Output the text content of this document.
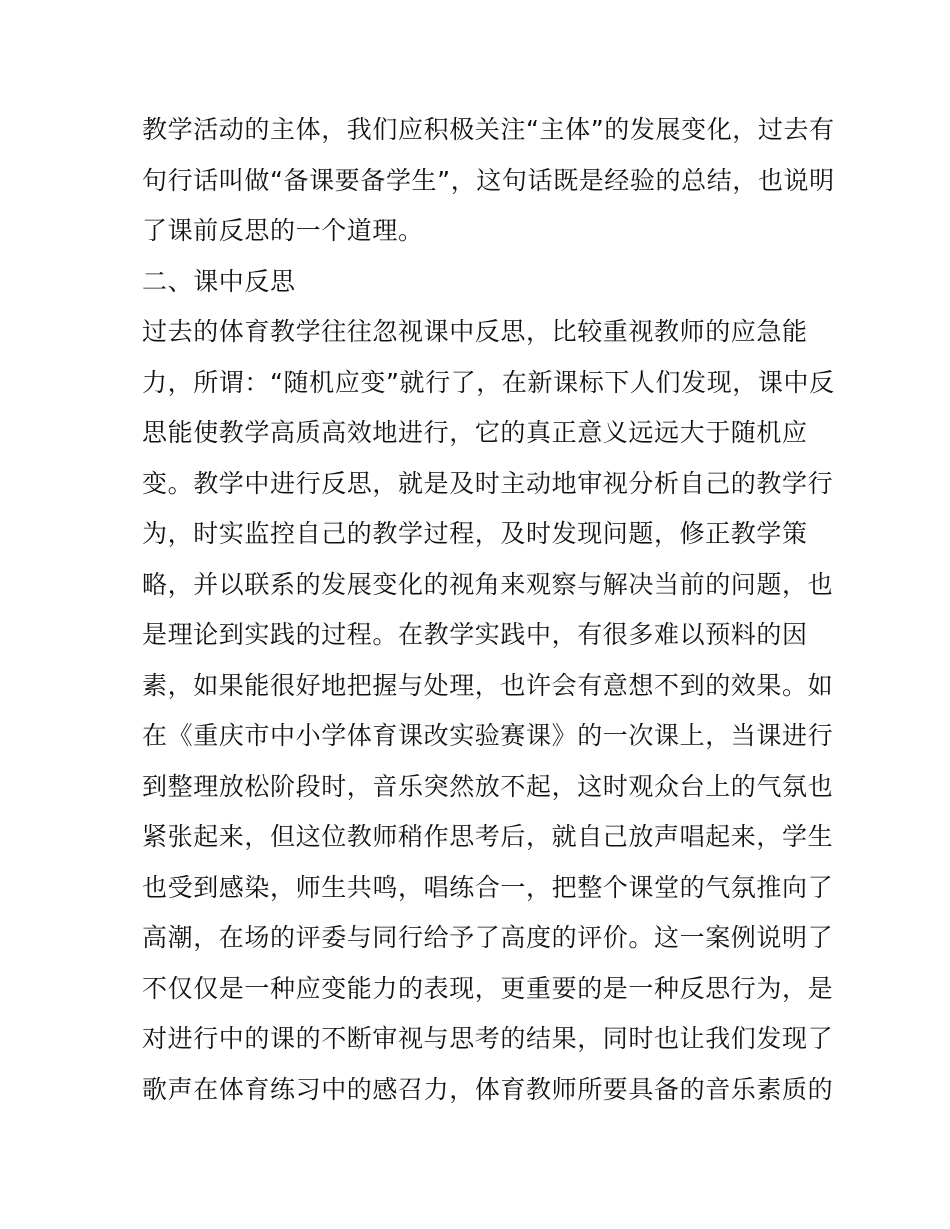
教学活动的主体，我们应积极关注“主体”的发展变化，过去有
句行话叫做“备课要备学生”，这句话既是经验的总结，也说明
了课前反思的一个道理。
二、课中反思
过去的体育教学往往忽视课中反思，比较重视教师的应急能
力，所谓：“随机应变”就行了，在新课标下人们发现，课中反
思能使教学高质高效地进行，它的真正意义远远大于随机应
变。教学中进行反思，就是及时主动地审视分析自己的教学行
为，时实监控自己的教学过程，及时发现问题，修正教学策
略，并以联系的发展变化的视角来观察与解决当前的问题，也
是理论到实践的过程。在教学实践中，有很多难以预料的因
素，如果能很好地把握与处理，也许会有意想不到的效果。如
在《重庆市中小学体育课改实验赛课》的一次课上，当课进行
到整理放松阶段时，音乐突然放不起，这时观众台上的气氛也
紧张起来，但这位教师稍作思考后，就自己放声唱起来，学生
也受到感染，师生共鸣，唱练合一，把整个课堂的气氛推向了
高潮，在场的评委与同行给予了高度的评价。这一案例说明了
不仅仅是一种应变能力的表现，更重要的是一种反思行为，是
对进行中的课的不断审视与思考的结果，同时也让我们发现了
歌声在体育练习中的感召力，体育教师所要具备的音乐素质的
